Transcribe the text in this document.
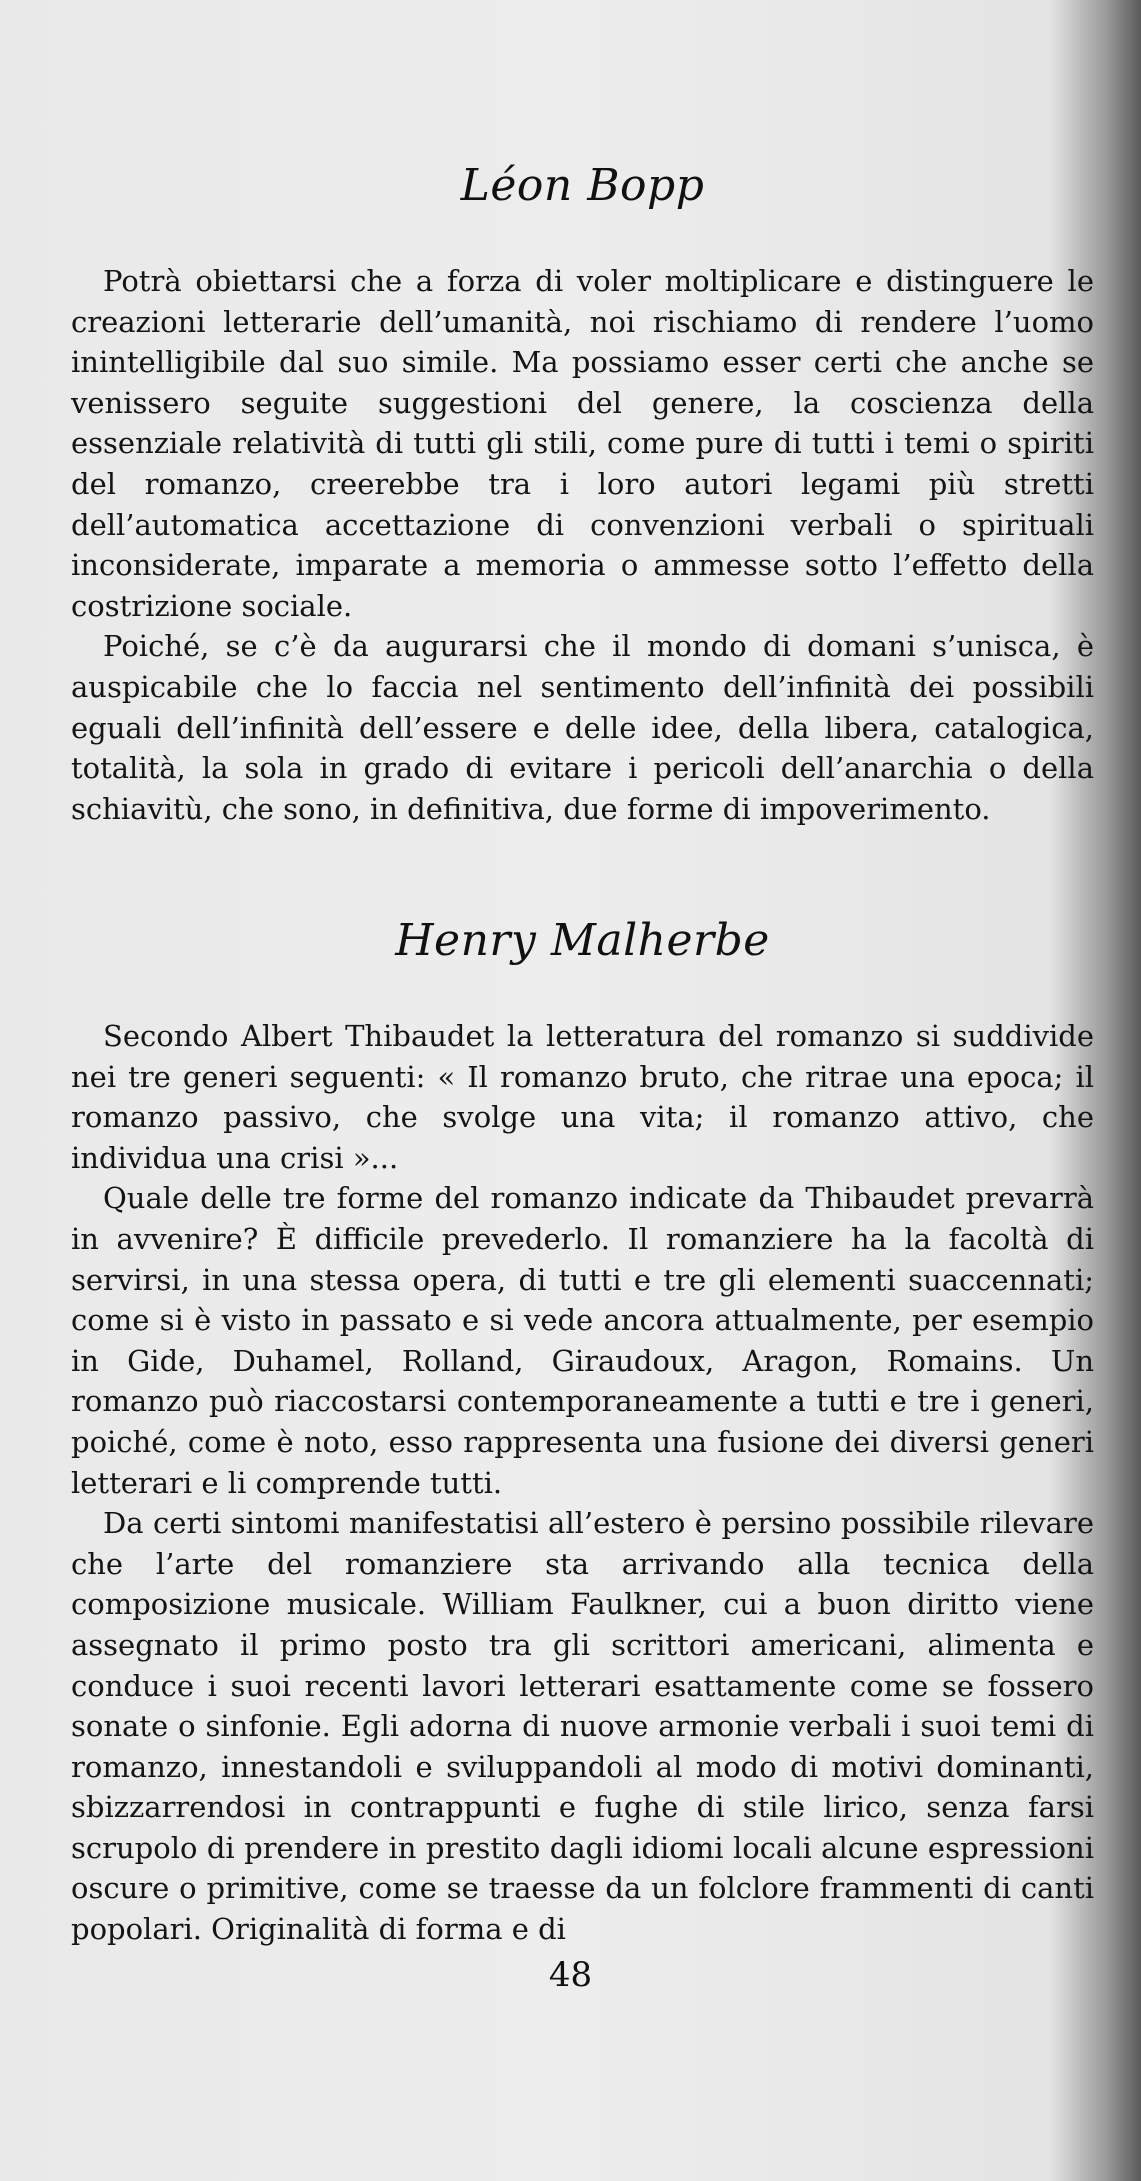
Léon Bopp

Potrà obiettarsi che a forza di voler moltiplicare e distinguere le creazioni letterarie dell’umanità, noi rischiamo di rendere l’uomo inintelligibile dal suo simile. Ma possiamo esser certi che anche se venissero seguite suggestioni del genere, la coscienza della essenziale relatività di tutti gli stili, come pure di tutti i temi o spiriti del romanzo, creerebbe tra i loro autori legami più stretti dell’automatica accettazione di convenzioni verbali o spirituali inconsiderate, imparate a memoria o ammesse sotto l’effetto della costrizione sociale.

Poiché, se c’è da augurarsi che il mondo di domani s’unisca, è auspicabile che lo faccia nel sentimento dell’infinità dei possibili eguali dell’infinità dell’essere e delle idee, della libera, catalogica, totalità, la sola in grado di evitare i pericoli dell’anarchia o della schiavitù, che sono, in definitiva, due forme di impoverimento.

Henry Malherbe

Secondo Albert Thibaudet la letteratura del romanzo si suddivide nei tre generi seguenti: « Il romanzo bruto, che ritrae una epoca; il romanzo passivo, che svolge una vita; il romanzo attivo, che individua una crisi »...

Quale delle tre forme del romanzo indicate da Thibaudet prevarrà in avvenire? È difficile prevederlo. Il romanziere ha la facoltà di servirsi, in una stessa opera, di tutti e tre gli elementi suaccennati; come si è visto in passato e si vede ancora attualmente, per esempio in Gide, Duhamel, Rolland, Giraudoux, Aragon, Romains. Un romanzo può riaccostarsi contemporaneamente a tutti e tre i generi, poiché, come è noto, esso rappresenta una fusione dei diversi generi letterari e li comprende tutti.

Da certi sintomi manifestatisi all’estero è persino possibile rilevare che l’arte del romanziere sta arrivando alla tecnica della composizione musicale. William Faulkner, cui a buon diritto viene assegnato il primo posto tra gli scrittori americani, alimenta e conduce i suoi recenti lavori letterari esattamente come se fossero sonate o sinfonie. Egli adorna di nuove armonie verbali i suoi temi di romanzo, innestandoli e sviluppandoli al modo di motivi dominanti, sbizzarrendosi in contrappunti e fughe di stile lirico, senza farsi scrupolo di prendere in prestito dagli idiomi locali alcune espressioni oscure o primitive, come se traesse da un folclore frammenti di canti popolari. Originalità di forma e di

48
